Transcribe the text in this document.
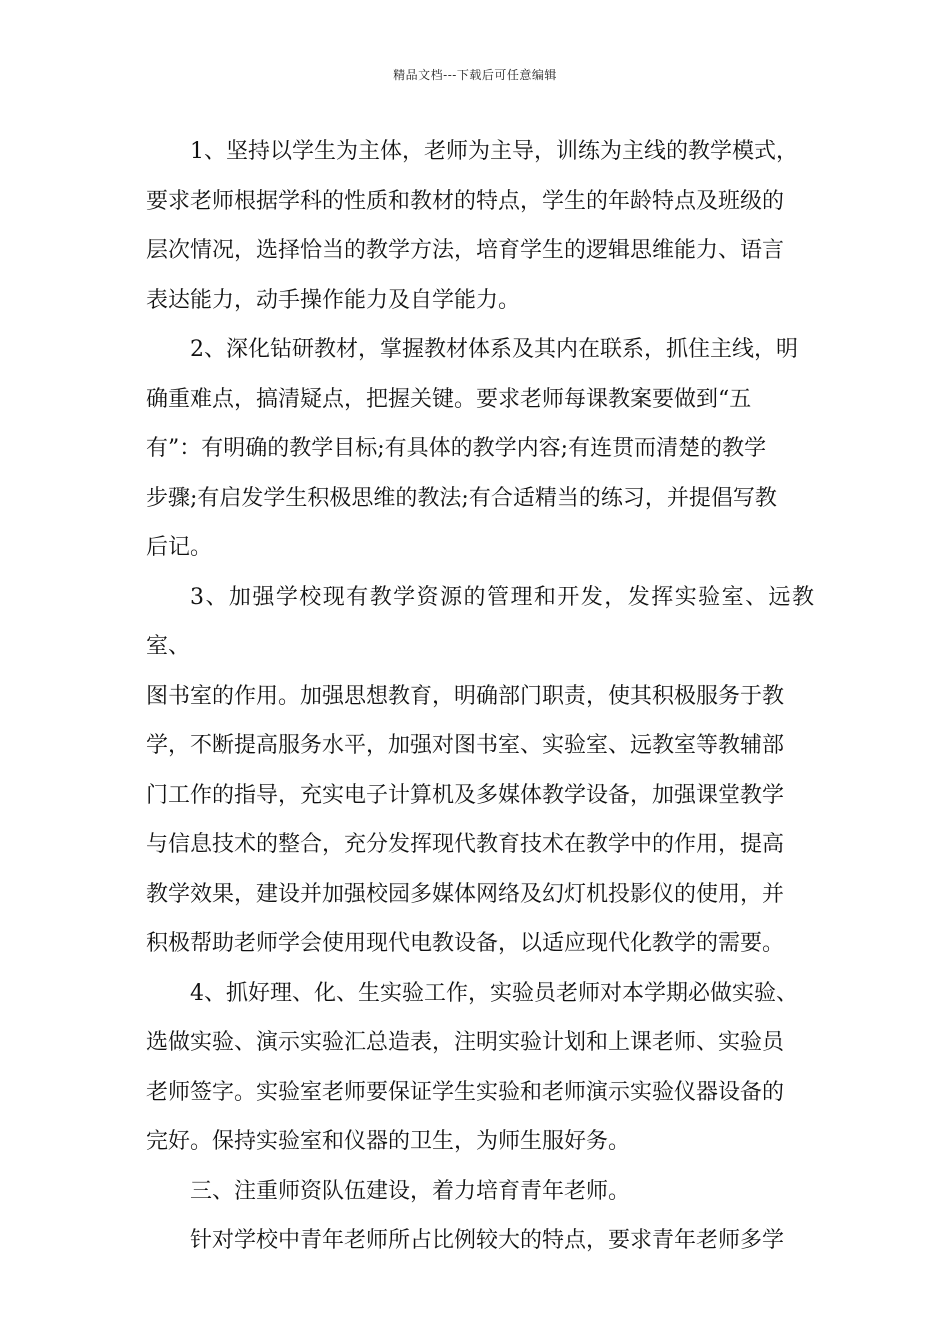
精品文档---下载后可任意编辑

1、坚持以学生为主体，老师为主导，训练为主线的教学模式，
要求老师根据学科的性质和教材的特点，学生的年龄特点及班级的
层次情况，选择恰当的教学方法，培育学生的逻辑思维能力、语言
表达能力，动手操作能力及自学能力。

2、深化钻研教材，掌握教材体系及其内在联系，抓住主线，明
确重难点，搞清疑点，把握关键。要求老师每课教案要做到“五
有”：有明确的教学目标;有具体的教学内容;有连贯而清楚的教学
步骤;有启发学生积极思维的教法;有合适精当的练习，并提倡写教
后记。

3、加强学校现有教学资源的管理和开发，发挥实验室、远教室、
图书室的作用。加强思想教育，明确部门职责，使其积极服务于教
学，不断提高服务水平，加强对图书室、实验室、远教室等教辅部
门工作的指导，充实电子计算机及多媒体教学设备，加强课堂教学
与信息技术的整合，充分发挥现代教育技术在教学中的作用，提高
教学效果，建设并加强校园多媒体网络及幻灯机投影仪的使用，并
积极帮助老师学会使用现代电教设备，以适应现代化教学的需要。

4、抓好理、化、生实验工作，实验员老师对本学期必做实验、
选做实验、演示实验汇总造表，注明实验计划和上课老师、实验员
老师签字。实验室老师要保证学生实验和老师演示实验仪器设备的
完好。保持实验室和仪器的卫生，为师生服好务。

三、注重师资队伍建设，着力培育青年老师。

针对学校中青年老师所占比例较大的特点，要求青年老师多学
